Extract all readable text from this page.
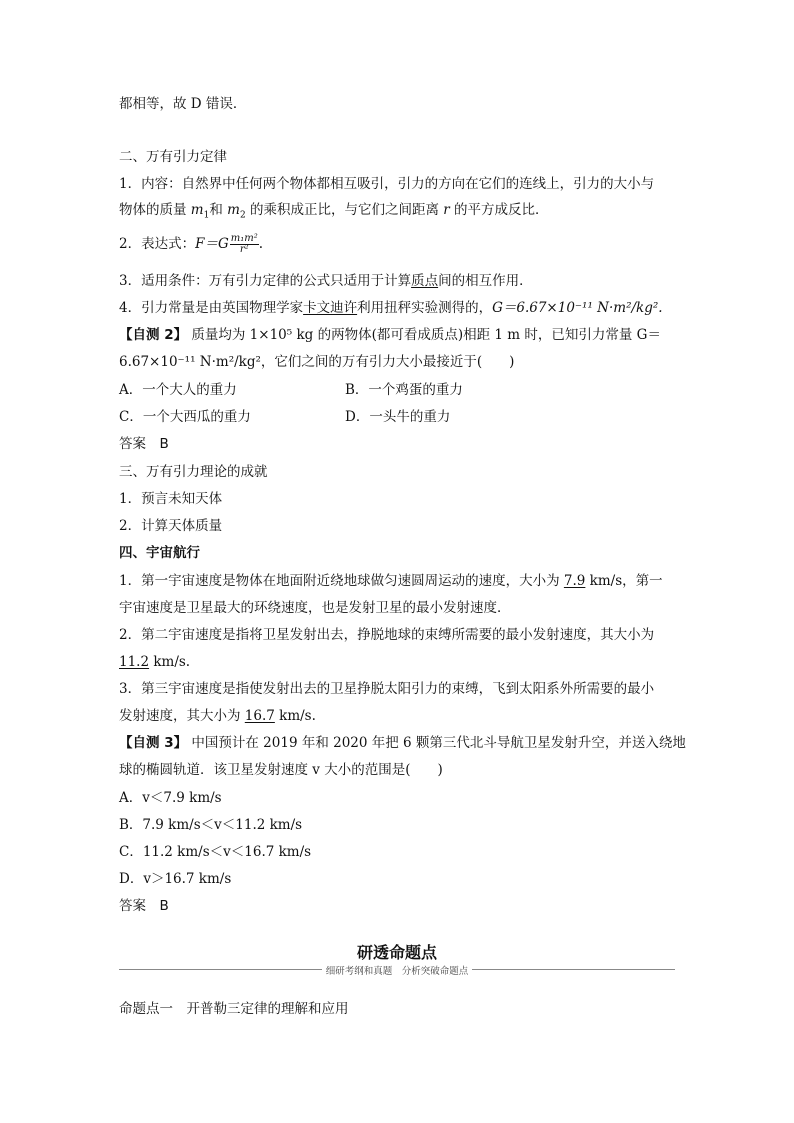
都相等，故 D 错误．
二、万有引力定律
1．内容：自然界中任何两个物体都相互吸引，引力的方向在它们的连线上，引力的大小与
物体的质量 $m_1$和 $m_2$ 的乘积成正比，与它们之间距离 r 的平方成反比．
2．表达式：$F=G \frac{\text{m₁m²}}{\text{r²}}$ .
3．适用条件：万有引力定律的公式只适用于计算质点间的相互作用．
4．引力常量是由英国物理学家卡文迪许利用扭秤实验测得的，G＝6.67×10⁻¹¹ N·m²/kg².
【自测 2】 质量均为 1×10⁵ kg 的两物体(都可看成质点)相距 1 m 时，已知引力常量 G＝
6.67×10⁻¹¹ N·m²/kg²，它们之间的万有引力大小最接近于(　　)
A．一个大人的重力	B．一个鸡蛋的重力
C．一个大西瓜的重力	D．一头牛的重力
答案　B
三、万有引力理论的成就
1．预言未知天体
2．计算天体质量
四、宇宙航行
1．第一宇宙速度是物体在地面附近绕地球做匀速圆周运动的速度，大小为 7.9 km/s，第一
宇宙速度是卫星最大的环绕速度，也是发射卫星的最小发射速度．
2．第二宇宙速度是指将卫星发射出去，挣脱地球的束缚所需要的最小发射速度，其大小为
11.2 km/s.
3．第三宇宙速度是指使发射出去的卫星挣脱太阳引力的束缚，飞到太阳系外所需要的最小
发射速度，其大小为 16.7 km/s.
【自测 3】 中国预计在 2019 年和 2020 年把 6 颗第三代北斗导航卫星发射升空，并送入绕地
球的椭圆轨道．该卫星发射速度 v 大小的范围是(　　)
A．v＜7.9 km/s
B．7.9 km/s＜v＜11.2 km/s
C．11.2 km/s＜v＜16.7 km/s
D．v＞16.7 km/s
答案　B
研透命题点
细研考纲和真题　分析突破命题点
命题点一　开普勒三定律的理解和应用
